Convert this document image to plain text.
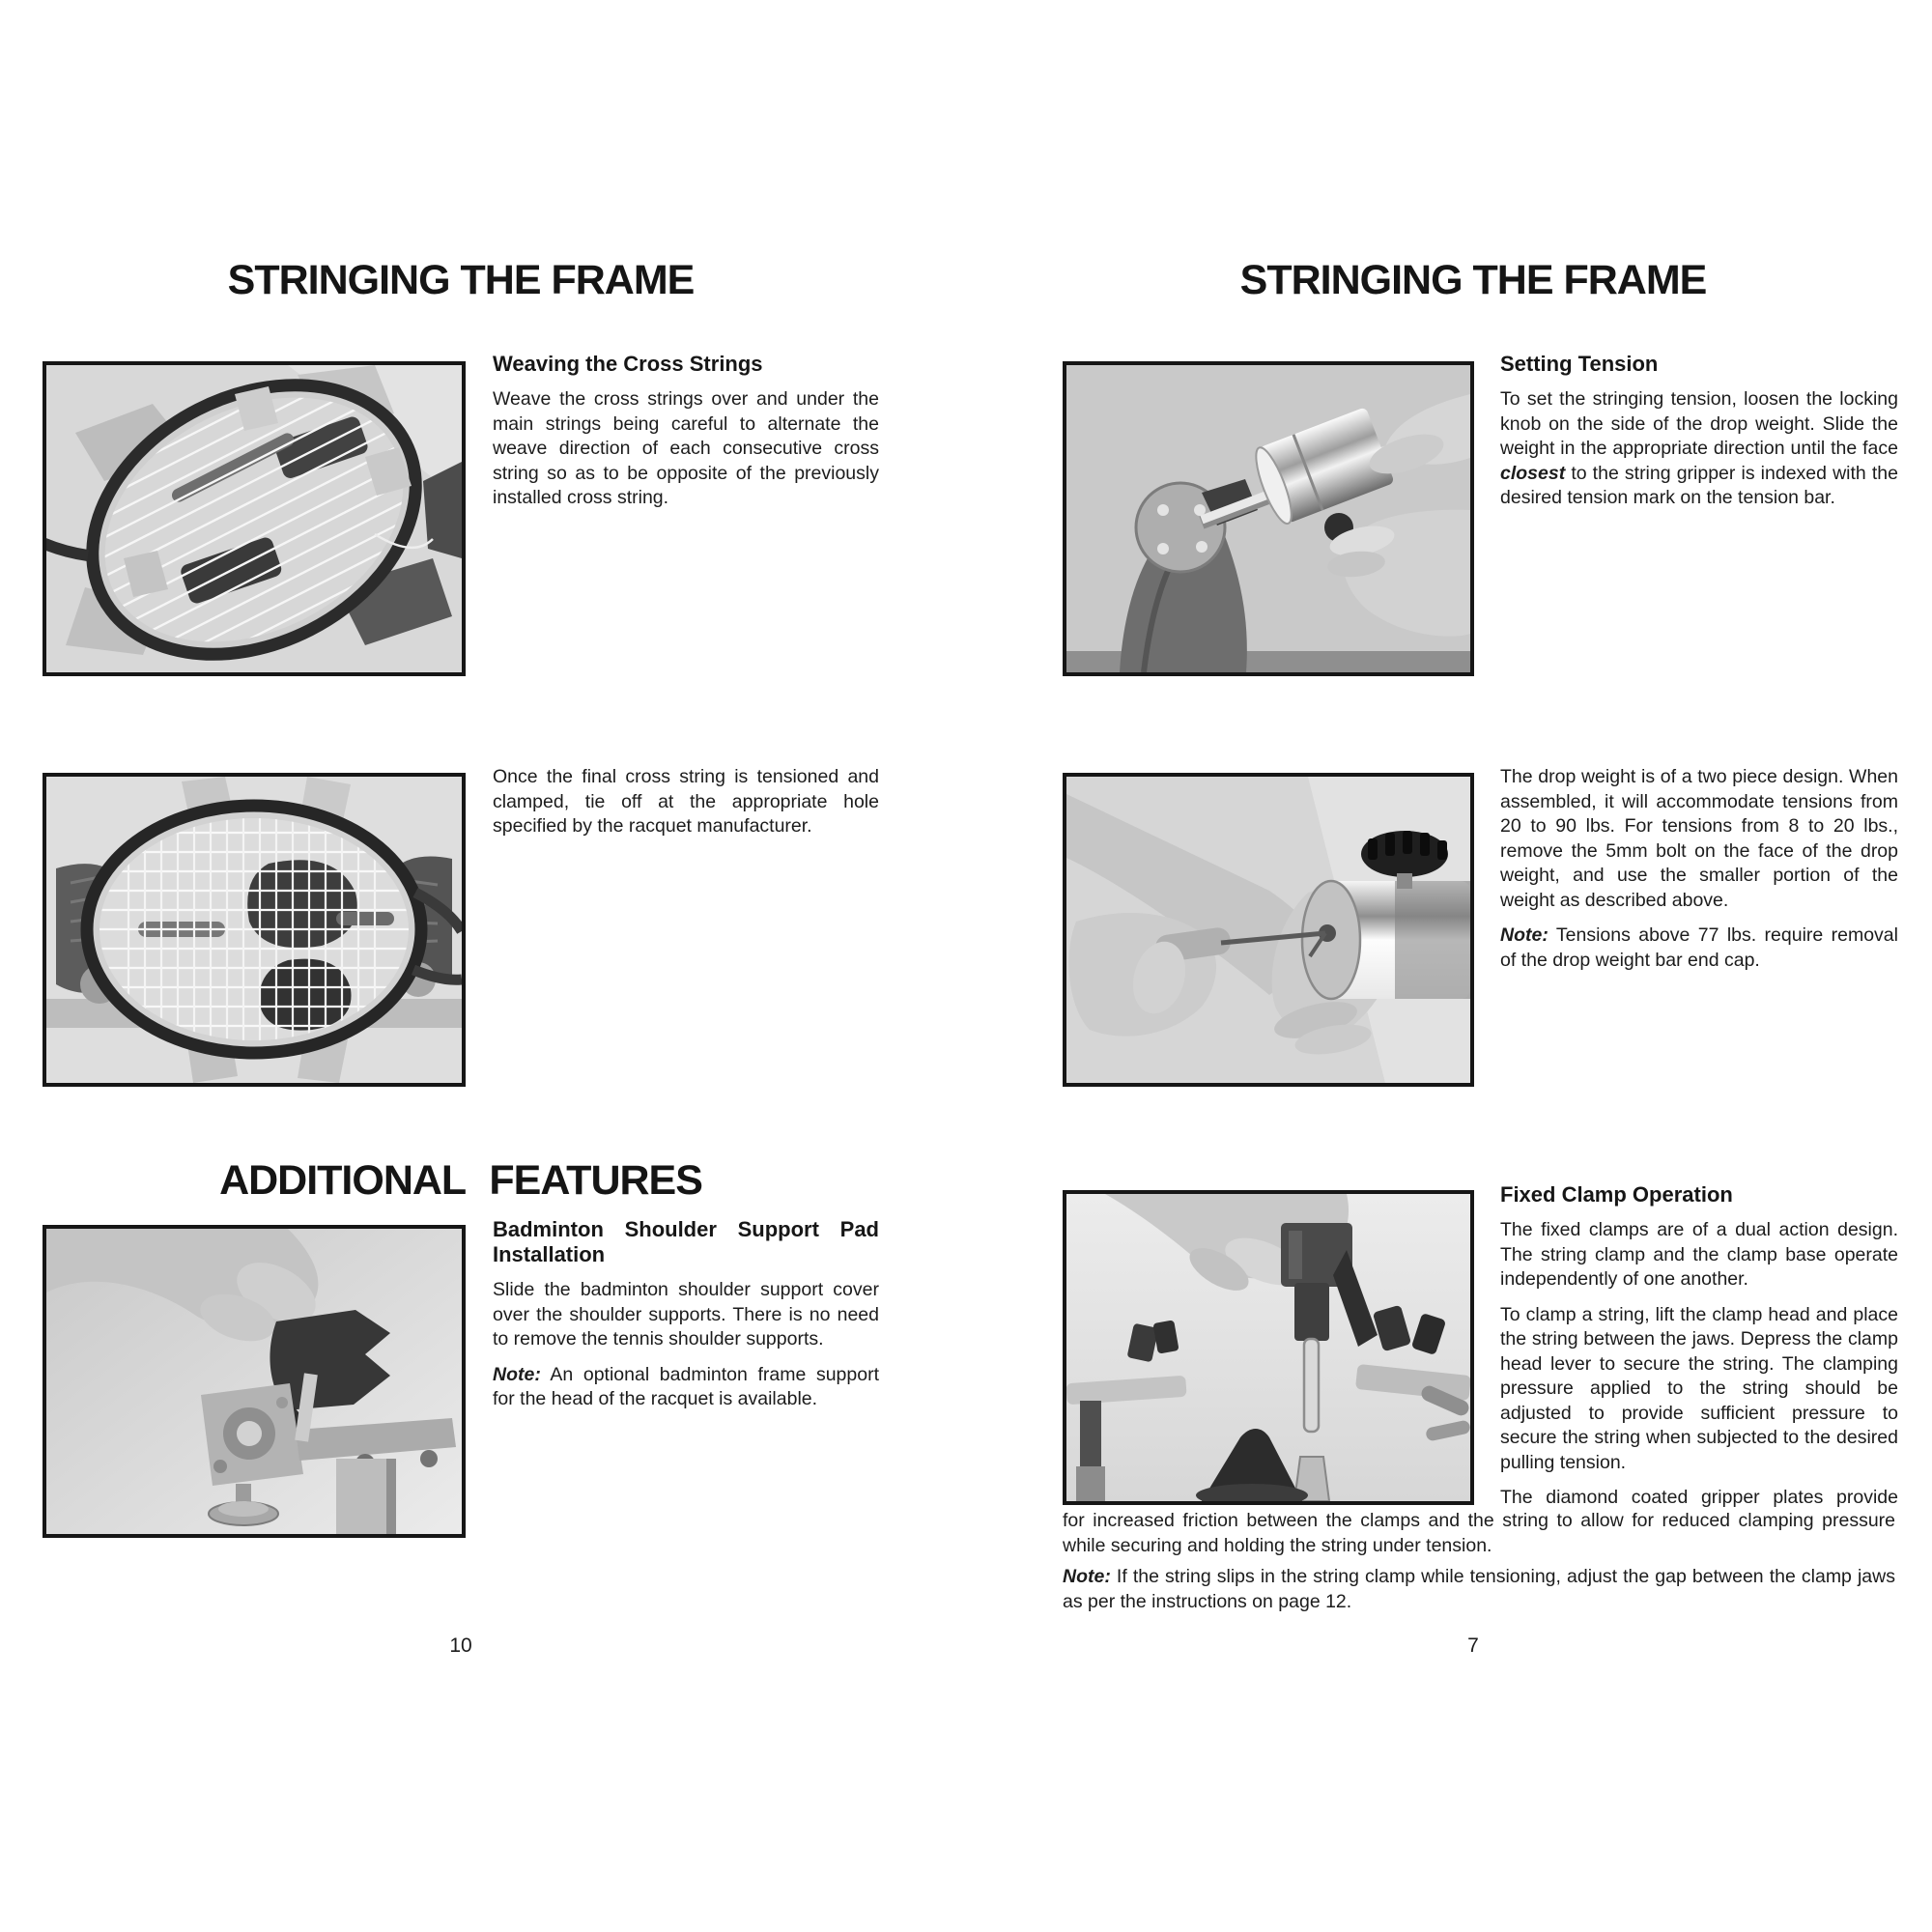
STRINGING THE FRAME
Weaving the Cross Strings

Weave the cross strings over and under the main strings being careful to alternate the weave direction of each consecutive cross string so as to be opposite of the previously installed cross string.

Once the final cross string is tensioned and clamped, tie off at the appropriate hole specified by the racquet manufacturer.

ADDITIONAL FEATURES
Badminton Shoulder Support Pad Installation

Slide the badminton shoulder support cover over the shoulder supports. There is no need to remove the tennis shoulder supports.

Note: An optional badminton frame support for the head of the racquet is available.

10
STRINGING THE FRAME
Setting Tension

To set the stringing tension, loosen the locking knob on the side of the drop weight. Slide the weight in the appropriate direction until the face closest to the string gripper is indexed with the desired tension mark on the tension bar.

The drop weight is of a two piece design. When assembled, it will accommodate tensions from 20 to 90 lbs. For tensions from 8 to 20 lbs., remove the 5mm bolt on the face of the drop weight, and use the smaller portion of the weight as described above.

Note: Tensions above 77 lbs. require removal of the drop weight bar end cap.

Fixed Clamp Operation

The fixed clamps are of a dual action design. The string clamp and the clamp base operate independently of one another.

To clamp a string, lift the clamp head and place the string between the jaws. Depress the clamp head lever to secure the string. The clamping pressure applied to the string should be adjusted to provide sufficient pressure to secure the string when subjected to the desired pulling tension.

The diamond coated gripper plates provide

for increased friction between the clamps and the string to allow for reduced clamping pressure while securing and holding the string under tension.

Note: If the string slips in the string clamp while tensioning, adjust the gap between the clamp jaws as per the instructions on page 12.

7
